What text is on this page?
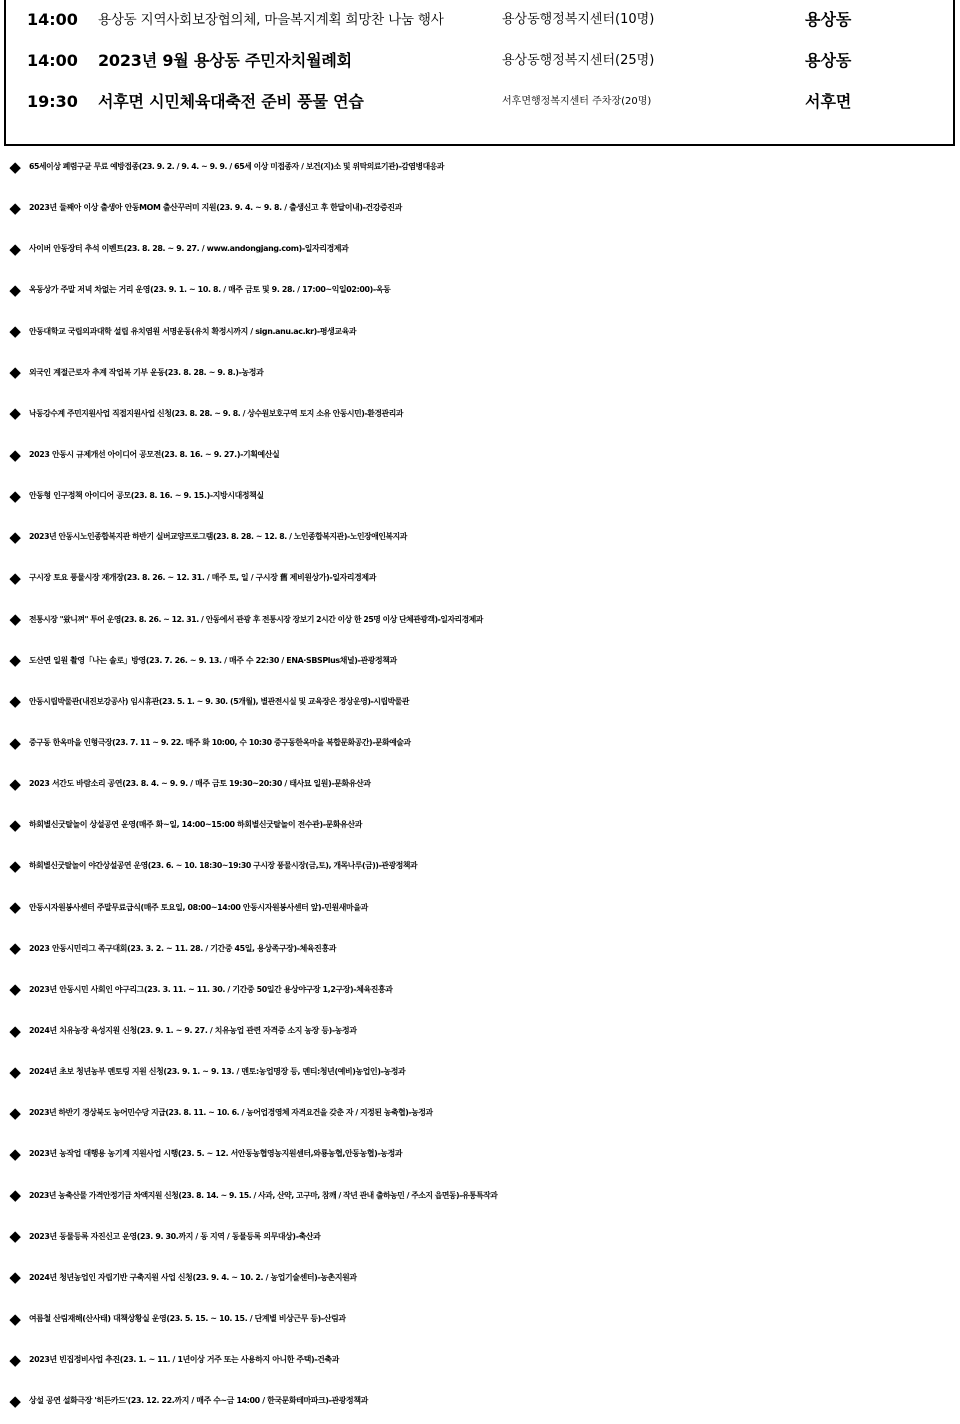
14:00 용상동 지역사회보장협의체, 마을복지계획 희망찬 나눔 행사	용상동행정복지센터(10명)	용상동
14:00 2023년 9월 용상동 주민자치월례회	용상동행정복지센터(25명)	용상동
19:30 서후면 시민체육대축전 준비 풍물 연습	서후면행정복지센터 주차장(20명)	서후면
◆	65세이상 폐렴구균 무료 예방접종(23. 9. 2. / 9. 4. ~ 9. 9. / 65세 이상 미접종자 / 보건(지)소 및 위탁의료기관)-감염병대응과
◆	2023년 둘째아 이상 출생아 안동MOM 출산꾸러미 지원(23. 9. 4. ~ 9. 8. / 출생신고 후 한달이내)-건강증진과
◆	사이버 안동장터 추석 이벤트(23. 8. 28. ~ 9. 27. / www.andongjang.com)-일자리경제과
◆	옥동상가 주말 저녁 차없는 거리 운영(23. 9. 1. ~ 10. 8. / 매주 금토 및 9. 28. / 17:00~익일02:00)-옥동
◆	안동대학교 국립의과대학 설립 유치염원 서명운동(유치 확정시까지 / sign.anu.ac.kr)-평생교육과
◆	외국인 계절근로자 추계 작업복 기부 운동(23. 8. 28. ~ 9. 8.)-농정과
◆	낙동강수계 주민지원사업 직접지원사업 신청(23. 8. 28. ~ 9. 8. / 상수원보호구역 토지 소유 안동시민)-환경관리과
◆	2023 안동시 규제개선 아이디어 공모전(23. 8. 16. ~ 9. 27.)-기획예산실
◆	안동형 인구정책 아이디어 공모(23. 8. 16. ~ 9. 15.)-지방시대정책실
◆	2023년 안동시노인종합복지관 하반기 실버교양프로그램(23. 8. 28. ~ 12. 8. / 노인종합복지관)-노인장애인복지과
◆	구시장 토요 풍물시장 재개장(23. 8. 26. ~ 12. 31. / 매주 토, 일 / 구시장 舊 제비원상가)-일자리경제과
◆	전통시장 "왔니껴" 투어 운영(23. 8. 26. ~ 12. 31. / 안동에서 관광 후 전통시장 장보기 2시간 이상 한 25명 이상 단체관광객)-일자리경제과
◆	도산면 일원 촬영「나는 솔로」방영(23. 7. 26. ~ 9. 13. / 매주 수 22:30 / ENA·SBSPlus채널)-관광정책과
◆	안동시립박물관(내진보강공사) 임시휴관(23. 5. 1. ~ 9. 30. (5개월), 별관전시실 및 교육장은 정상운영)-시립박물관
◆	중구동 한옥마을 인형극장(23. 7. 11 ~ 9. 22. 매주 화 10:00, 수 10:30 중구동한옥마을 복합문화공간)-문화예술과
◆	2023 서간도 바람소리 공연(23. 8. 4. ~ 9. 9. / 매주 금토 19:30~20:30 / 태사묘 일원)-문화유산과
◆	하회별신굿탈놀이 상설공연 운영(매주 화~일, 14:00~15:00 하회별신굿탈놀이 전수관)-문화유산과
◆	하회별신굿탈놀이 야간상설공연 운영(23. 6. ~ 10. 18:30~19:30 구시장 풍물시장(금,토), 개목나루(금))-관광정책과
◆	안동시자원봉사센터 주말무료급식(매주 토요일, 08:00~14:00 안동시자원봉사센터 앞)-민원새마을과
◆	2023 안동시민리그 족구대회(23. 3. 2. ~ 11. 28. / 기간중 45일, 용상족구장)-체육진흥과
◆	2023년 안동시민 사회인 야구리그(23. 3. 11. ~ 11. 30. / 기간중 50일간 용상야구장 1,2구장)-체육진흥과
◆	2024년 치유농장 육성지원 신청(23. 9. 1. ~ 9. 27. / 치유농업 관련 자격증 소지 농장 등)-농정과
◆	2024년 초보 청년농부 멘토링 지원 신청(23. 9. 1. ~ 9. 13. / 멘토:농업명장 등, 멘티:청년(예비)농업인)-농정과
◆	2023년 하반기 경상북도 농어민수당 지급(23. 8. 11. ~ 10. 6. / 농어업경영체 자격요건을 갖춘 자 / 지정된 농축협)-농정과
◆	2023년 농작업 대행용 농기계 지원사업 시행(23. 5. ~ 12. 서안동농협영농지원센터,와룡농협,안동농협)-농정과
◆	2023년 농축산물 가격안정기금 차액지원 신청(23. 8. 14. ~ 9. 15. / 사과, 산약, 고구마, 참깨 / 작년 관내 출하농민 / 주소지 읍면동)-유통특작과
◆	2023년 동물등록 자진신고 운영(23. 9. 30.까지 / 동 지역 / 동물등록 의무대상)-축산과
◆	2024년 청년농업인 자립기반 구축지원 사업 신청(23. 9. 4. ~ 10. 2. / 농업기술센터)-농촌지원과
◆	여름철 산림재해(산사태) 대책상황실 운영(23. 5. 15. ~ 10. 15. / 단계별 비상근무 등)-산림과
◆	2023년 빈집정비사업 추진(23. 1. ~ 11. / 1년이상 거주 또는 사용하지 아니한 주택)-건축과
◆	상설 공연 설화극장 '히든카드'(23. 12. 22.까지 / 매주 수~금 14:00 / 한국문화테마파크)-관광정책과
